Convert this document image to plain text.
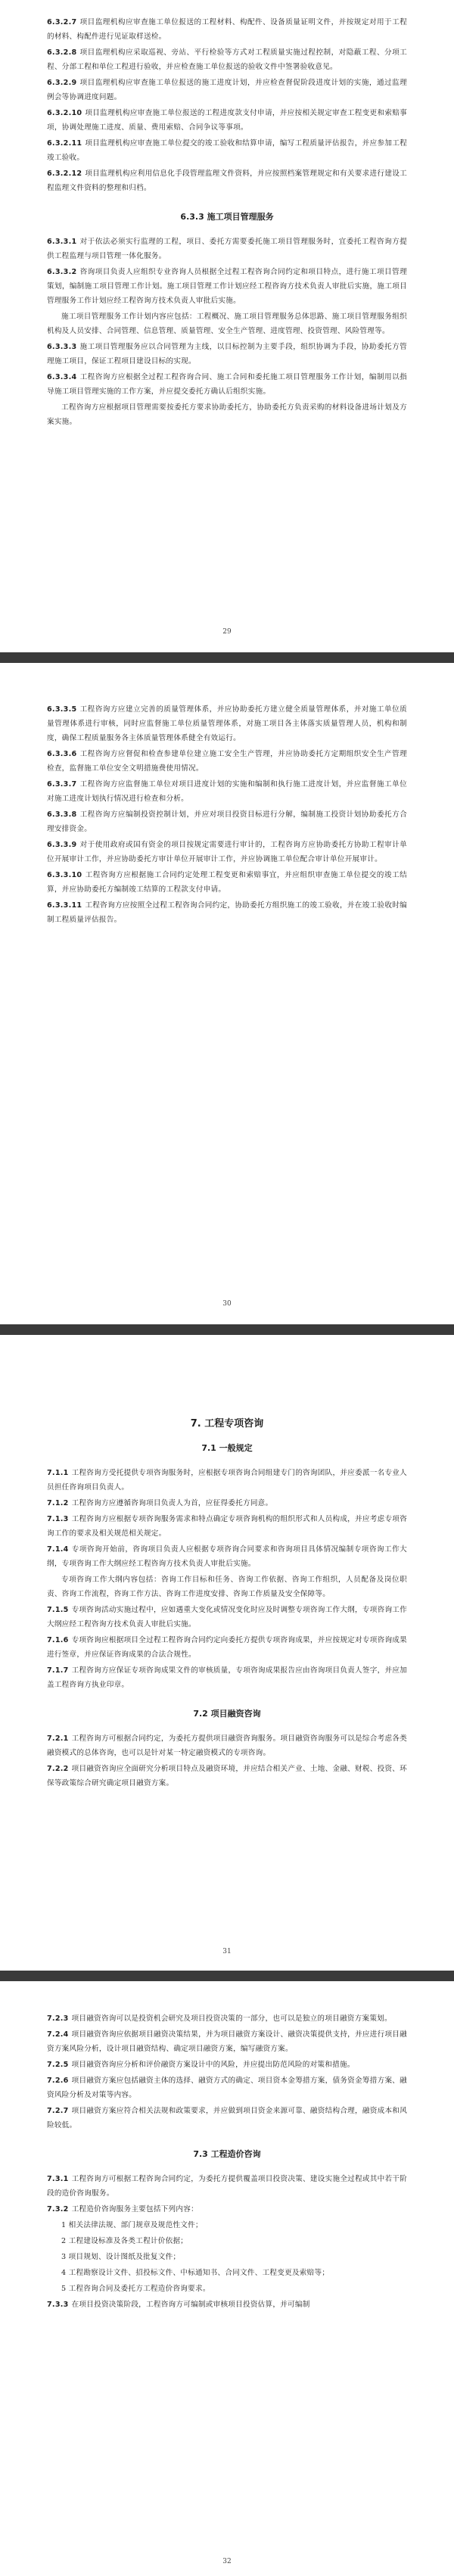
6.3.2.7 项目监理机构应审查施工单位报送的工程材料、构配件、设备质量证明文件，并按规定对用于工程的材料、构配件进行见证取样送检。

6.3.2.8 项目监理机构应采取巡视、旁站、平行检验等方式对工程质量实施过程控制，对隐蔽工程、分项工程、分部工程和单位工程进行验收，并应检查施工单位报送的验收文件中签署验收意见。

6.3.2.9 项目监理机构应审查施工单位报送的施工进度计划，并应检查督促阶段进度计划的实施，通过监理例会等协调进度问题。

6.3.2.10 项目监理机构应审查施工单位报送的工程进度款支付申请，并应按相关规定审查工程变更和索赔事项，协调处理施工进度、质量、费用索赔、合同争议等事项。

6.3.2.11 项目监理机构应审查施工单位提交的竣工验收和结算申请，编写工程质量评估报告，并应参加工程竣工验收。

6.3.2.12 项目监理机构应利用信息化手段管理监理文件资料，并应按照档案管理规定和有关要求进行建设工程监理文件资料的整理和归档。

6.3.3 施工项目管理服务

6.3.3.1 对于依法必须实行监理的工程，项目、委托方需要委托施工项目管理服务时，宜委托工程咨询方提供工程监理与项目管理一体化服务。

6.3.3.2 咨询项目负责人应组织专业咨询人员根据全过程工程咨询合同约定和项目特点，进行施工项目管理策划，编制施工项目管理工作计划。施工项目管理工作计划应经工程咨询方技术负责人审批后实施，施工项目管理服务工作计划应经工程咨询方技术负责人审批后实施。

施工项目管理服务工作计划内容应包括：工程概况、施工项目管理服务总体思路、施工项目管理服务组织机构及人员安排、合同管理、信息管理、质量管理、安全生产管理、进度管理、投资管理、风险管理等。

6.3.3.3 施工项目管理服务应以合同管理为主线，以目标控制为主要手段，组织协调为手段，协助委托方管理施工项目，保证工程项目建设目标的实现。

6.3.3.4 工程咨询方应根据全过程工程咨询合同、施工合同和委托施工项目管理服务工作计划，编制用以指导施工项目管理实施的工作方案，并应提交委托方确认后组织实施。

工程咨询方应根据项目管理需要按委托方要求协助委托方，协助委托方负责采购的材料设备进场计划及方案实施。

29

6.3.3.5 工程咨询方应建立完善的质量管理体系，并应协助委托方建立健全质量管理体系，并对施工单位质量管理体系进行审核，同时应监督施工单位质量管理体系，对施工项目各主体落实质量管理人员，机构和制度，确保工程质量服务各主体质量管理体系健全有效运行。

6.3.3.6 工程咨询方应督促和检查参建单位建立施工安全生产管理，并应协助委托方定期组织安全生产管理检查，监督施工单位安全文明措施费使用情况。

6.3.3.7 工程咨询方应监督施工单位对项目进度计划的实施和编制和执行施工进度计划，并应监督施工单位对施工进度计划执行情况进行检查和分析。

6.3.3.8 工程咨询方应编制投资控制计划，并应对项目投资目标进行分解，编制施工投资计划协助委托方合理安排资金。

6.3.3.9 对于使用政府或国有资金的项目按规定需要进行审计的，工程咨询方应协助委托方协助工程审计单位开展审计工作，并应协助委托方审计单位开展审计工作，并应协调施工单位配合审计单位开展审计。

6.3.3.10 工程咨询方应根据施工合同约定处理工程变更和索赔事宜，并应组织审查施工单位提交的竣工结算，并应协助委托方编制竣工结算的工程款支付申请。

6.3.3.11 工程咨询方应按照全过程工程咨询合同约定，协助委托方组织施工的竣工验收，并在竣工验收时编制工程质量评估报告。

30
7. 工程专项咨询
7.1 一般规定

7.1.1 工程咨询方受托提供专项咨询服务时，应根据专项咨询合同组建专门的咨询团队，并应委派一名专业人员担任咨询项目负责人。

7.1.2 工程咨询方应遵循咨询项目负责人为首，应征得委托方同意。

7.1.3 工程咨询方应根据专项咨询服务需求和特点确定专项咨询机构的组织形式和人员构成，并应考虑专项咨询工作的要求及相关规范相关规定。

7.1.4 专项咨询开始前，咨询项目负责人应根据专项咨询合同要求和咨询项目具体情况编制专项咨询工作大纲，专项咨询工作大纲应经工程咨询方技术负责人审批后实施。

专项咨询工作大纲内容包括：咨询工作目标和任务、咨询工作依据、咨询工作组织，人员配备及岗位职责、咨询工作流程，咨询工作方法、咨询工作进度安排、咨询工作质量及安全保障等。

7.1.5 专项咨询活动实施过程中，应如遇重大变化或情况变化时应及时调整专项咨询工作大纲，专项咨询工作大纲应经工程咨询方技术负责人审批后实施。

7.1.6 专项咨询应根据项目全过程工程咨询合同约定向委托方提供专项咨询成果，并应按规定对专项咨询成果进行签章，并应保证咨询成果的合法合规性。

7.1.7 工程咨询方应保证专项咨询成果文件的审核质量，专项咨询成果报告应由咨询项目负责人签字，并应加盖工程咨询方执业印章。

7.2 项目融资咨询

7.2.1 工程咨询方可根据合同约定，为委托方提供项目融资咨询服务。项目融资咨询服务可以是综合考虑各类融资模式的总体咨询，也可以是针对某一特定融资模式的专项咨询。

7.2.2 项目融资咨询应全面研究分析项目特点及融资环境，并应结合相关产业、土地、金融、财税、投资、环保等政策综合研究确定项目融资方案。

31

7.2.3 项目融资咨询可以是投资机会研究及项目投资决策的一部分，也可以是独立的项目融资方案策划。

7.2.4 项目融资咨询应依据项目融资决策结果，并为项目融资方案设计、融资决策提供支持，并应进行项目融资方案风险分析，设计项目融资结构、确定项目融资方案，编写融资方案。

7.2.5 项目融资咨询应分析和评价融资方案设计中的风险，并应提出防范风险的对策和措施。

7.2.6 项目融资方案应包括融资主体的选择、融资方式的确定、项目资本金筹措方案，债务资金筹措方案、融资风险分析及对策等内容。

7.2.7 项目融资方案应符合相关法规和政策要求，并应做到项目资金来源可靠、融资结构合理，融资成本和风险较低。

7.3 工程造价咨询

7.3.1 工程咨询方可根据工程咨询合同约定，为委托方提供覆盖项目投资决策、建设实施全过程或其中若干阶段的造价咨询服务。

7.3.2 工程造价咨询服务主要包括下列内容：

1 相关法律法规、部门规章及规范性文件；

2 工程建设标准及各类工程计价依据；

3 项目规划、设计图纸及批复文件；

4 工程勘察设计文件、招投标文件、中标通知书、合同文件、工程变更及索赔等；

5 工程咨询合同及委托方工程造价咨询要求。

7.3.3 在项目投资决策阶段，工程咨询方可编制或审核项目投资估算，并可编制

32
